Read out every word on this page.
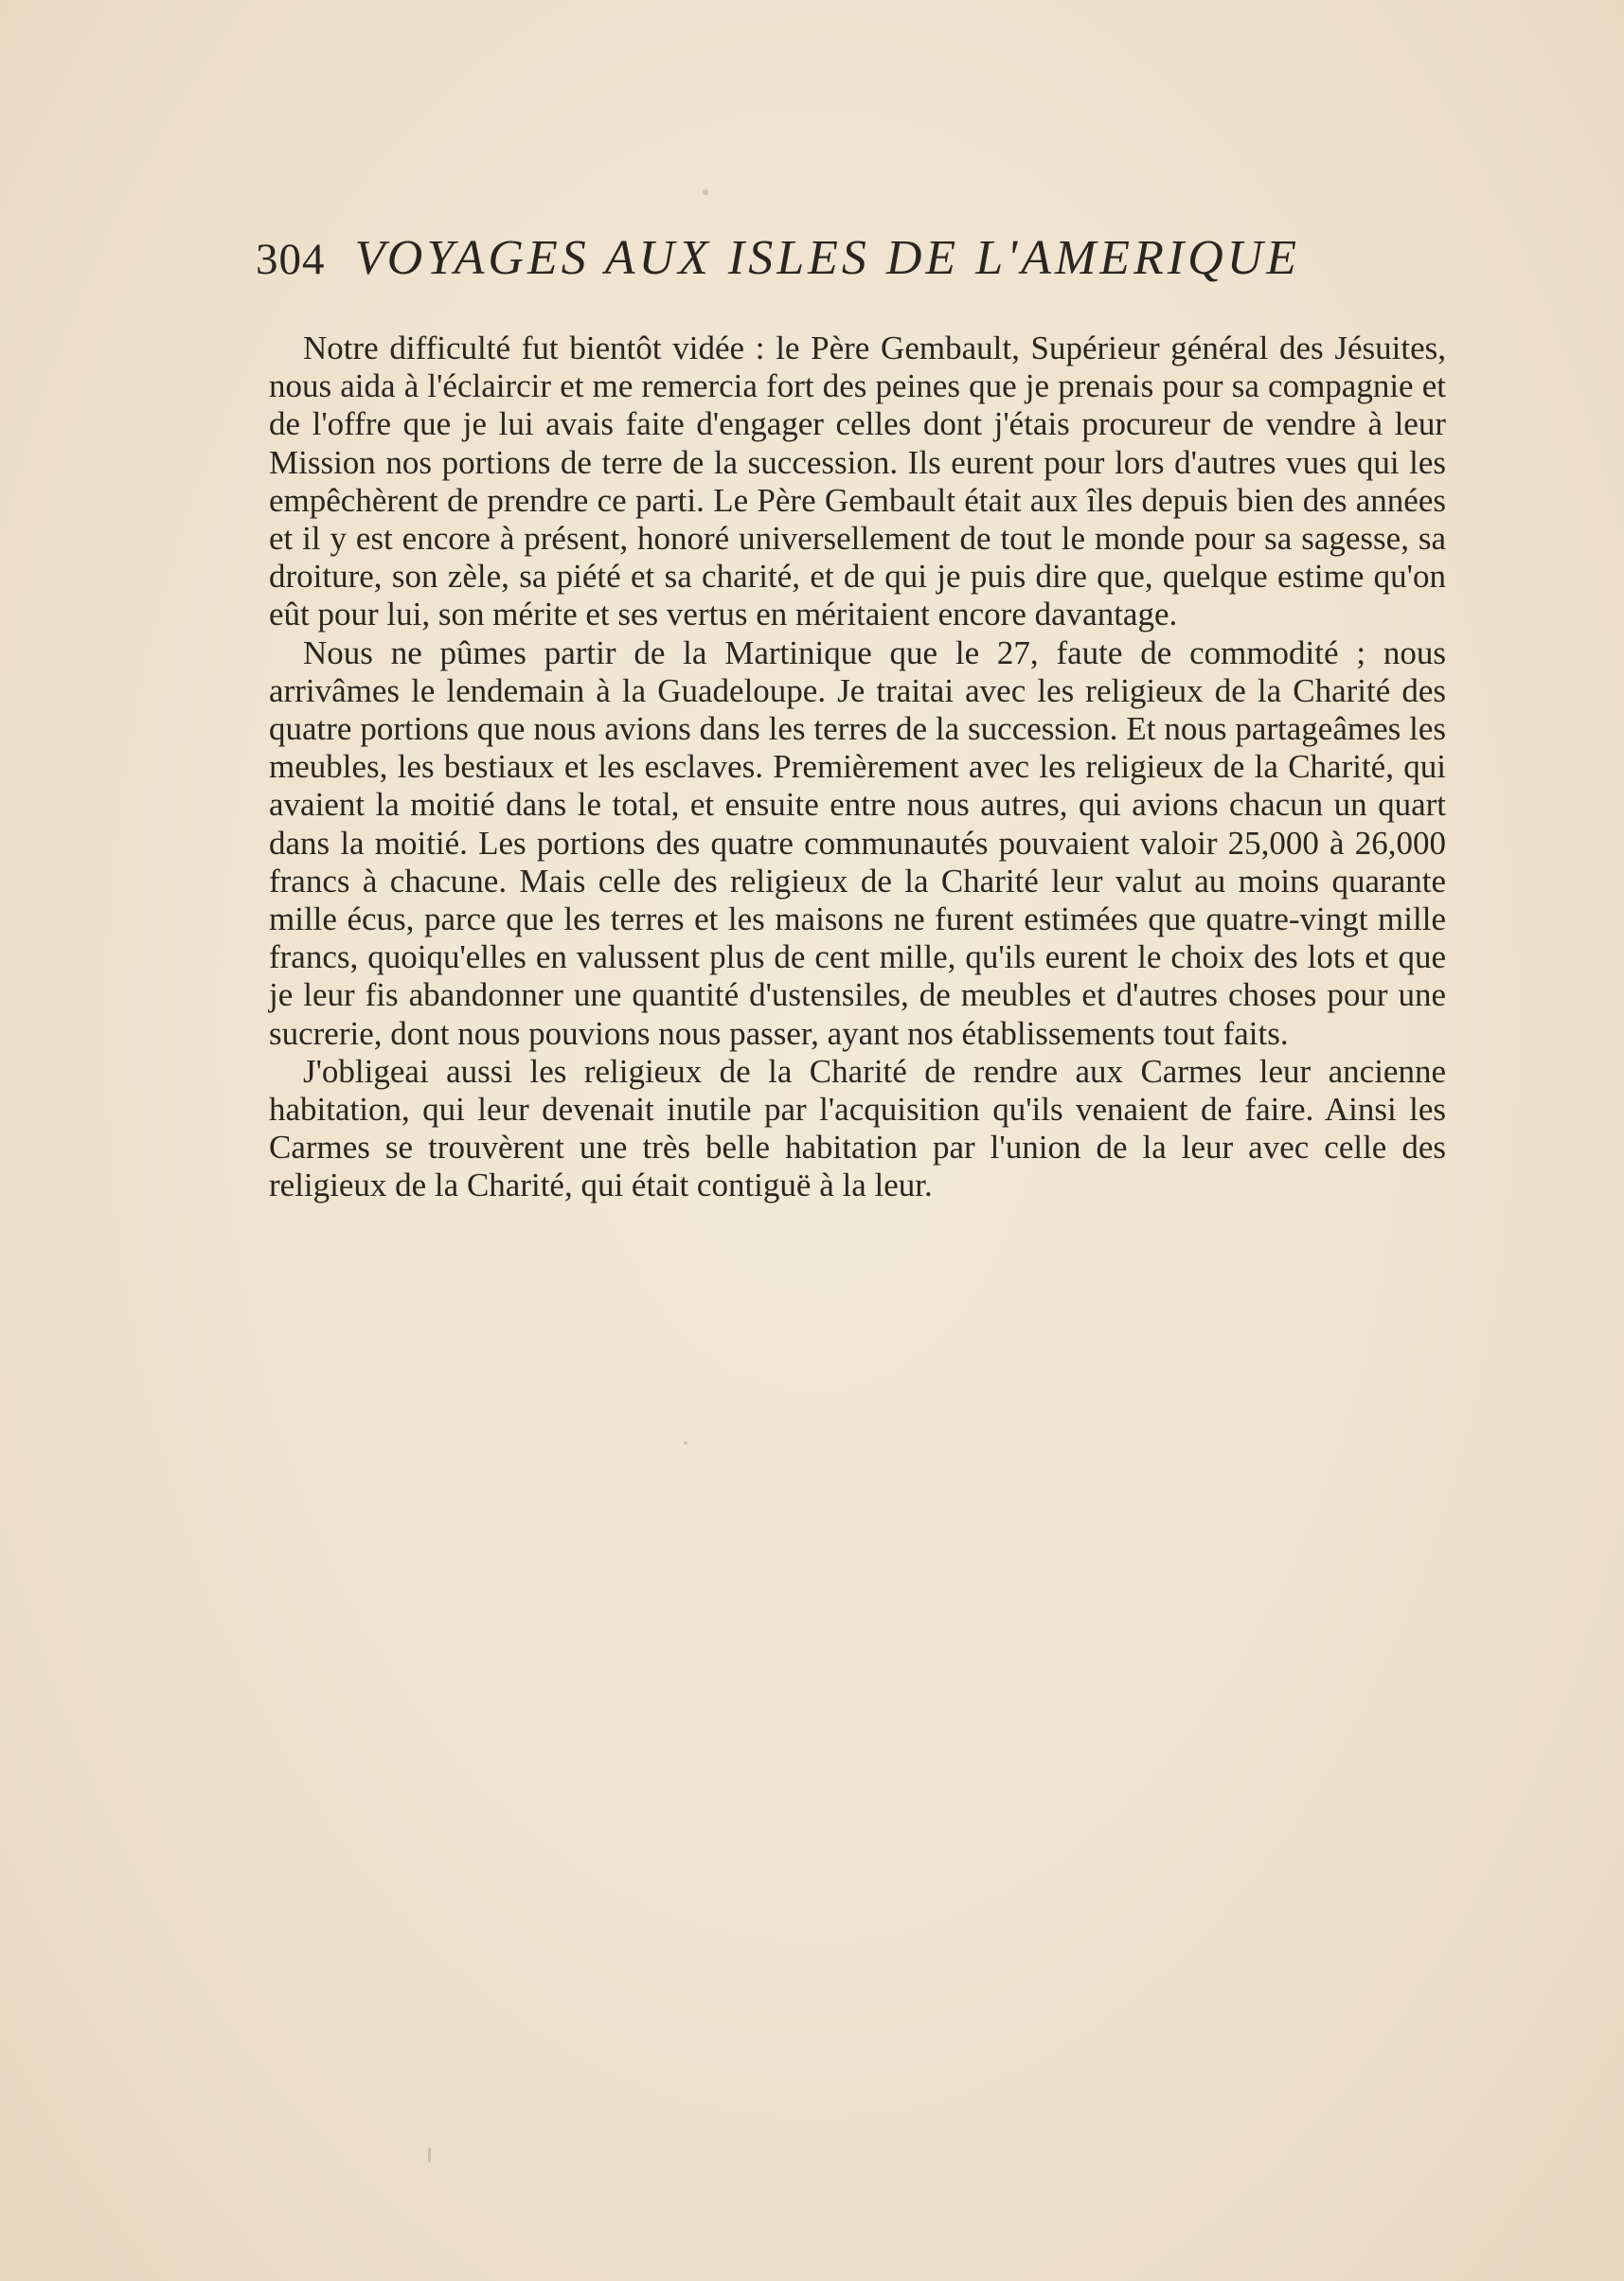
304 VOYAGES AUX ISLES DE L'AMERIQUE

Notre difficulté fut bientôt vidée : le Père Gembault, Supérieur général des Jésuites, nous aida à l'éclaircir et me remercia fort des peines que je prenais pour sa compagnie et de l'offre que je lui avais faite d'engager celles dont j'étais procureur de vendre à leur Mission nos portions de terre de la succession. Ils eurent pour lors d'autres vues qui les empêchèrent de prendre ce parti. Le Père Gembault était aux îles depuis bien des années et il y est encore à présent, honoré universellement de tout le monde pour sa sagesse, sa droiture, son zèle, sa piété et sa charité, et de qui je puis dire que, quelque estime qu'on eût pour lui, son mérite et ses vertus en méritaient encore davantage.

Nous ne pûmes partir de la Martinique que le 27, faute de commodité ; nous arrivâmes le lendemain à la Guadeloupe. Je traitai avec les religieux de la Charité des quatre portions que nous avions dans les terres de la succession. Et nous partageâmes les meubles, les bestiaux et les esclaves. Premièrement avec les religieux de la Charité, qui avaient la moitié dans le total, et ensuite entre nous autres, qui avions chacun un quart dans la moitié. Les portions des quatre communautés pouvaient valoir 25,000 à 26,000 francs à chacune. Mais celle des religieux de la Charité leur valut au moins quarante mille écus, parce que les terres et les maisons ne furent estimées que quatre-vingt mille francs, quoiqu'elles en valussent plus de cent mille, qu'ils eurent le choix des lots et que je leur fis abandonner une quantité d'ustensiles, de meubles et d'autres choses pour une sucrerie, dont nous pouvions nous passer, ayant nos établissements tout faits.

J'obligeai aussi les religieux de la Charité de rendre aux Carmes leur ancienne habitation, qui leur devenait inutile par l'acquisition qu'ils venaient de faire. Ainsi les Carmes se trouvèrent une très belle habitation par l'union de la leur avec celle des religieux de la Charité, qui était contiguë à la leur.
